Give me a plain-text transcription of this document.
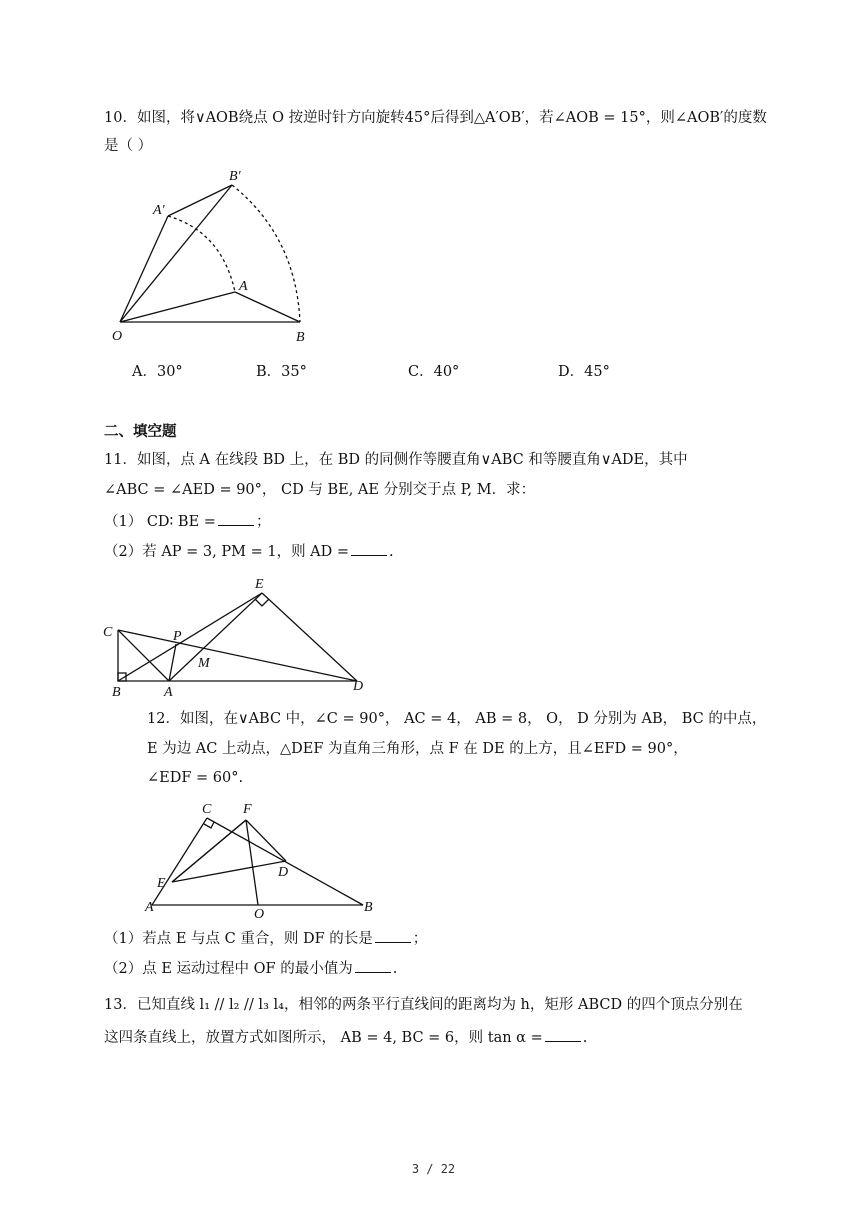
10．如图，将∨AOB绕点 O 按逆时针方向旋转45°后得到△A′OB′，若∠AOB = 15°，则∠AOB′的度数
是（ ）
B′
A′
A
O	B
E
C	P
M
B	A	D
C F
D
E
A	O	B
A．30°	B．35°	C．40°	D．45°
二、填空题
11．如图，点 A 在线段 BD 上，在 BD 的同侧作等腰直角∨ABC 和等腰直角∨ADE，其中
∠ABC = ∠AED = 90°， CD 与 BE, AE 分别交于点 P, M．求：
（1） CD∶ BE =	；
（2）若 AP = 3, PM = 1，则 AD =	.
12．如图，在∨ABC 中，∠C = 90°， AC = 4， AB = 8， O， D 分别为 AB， BC 的中点，
E 为边 AC 上动点，△DEF 为直角三角形，点 F 在 DE 的上方，且∠EFD = 90°，
∠EDF = 60°.
（1）若点 E 与点 C 重合，则 DF 的长是	；
（2）点 E 运动过程中 OF 的最小值为	.
13．已知直线 l₁ // l₂ // l₃ l₄，相邻的两条平行直线间的距离均为 h，矩形 ABCD 的四个顶点分别在
这四条直线上，放置方式如图所示， AB = 4, BC = 6，则 tan α =	.
3 / 22
